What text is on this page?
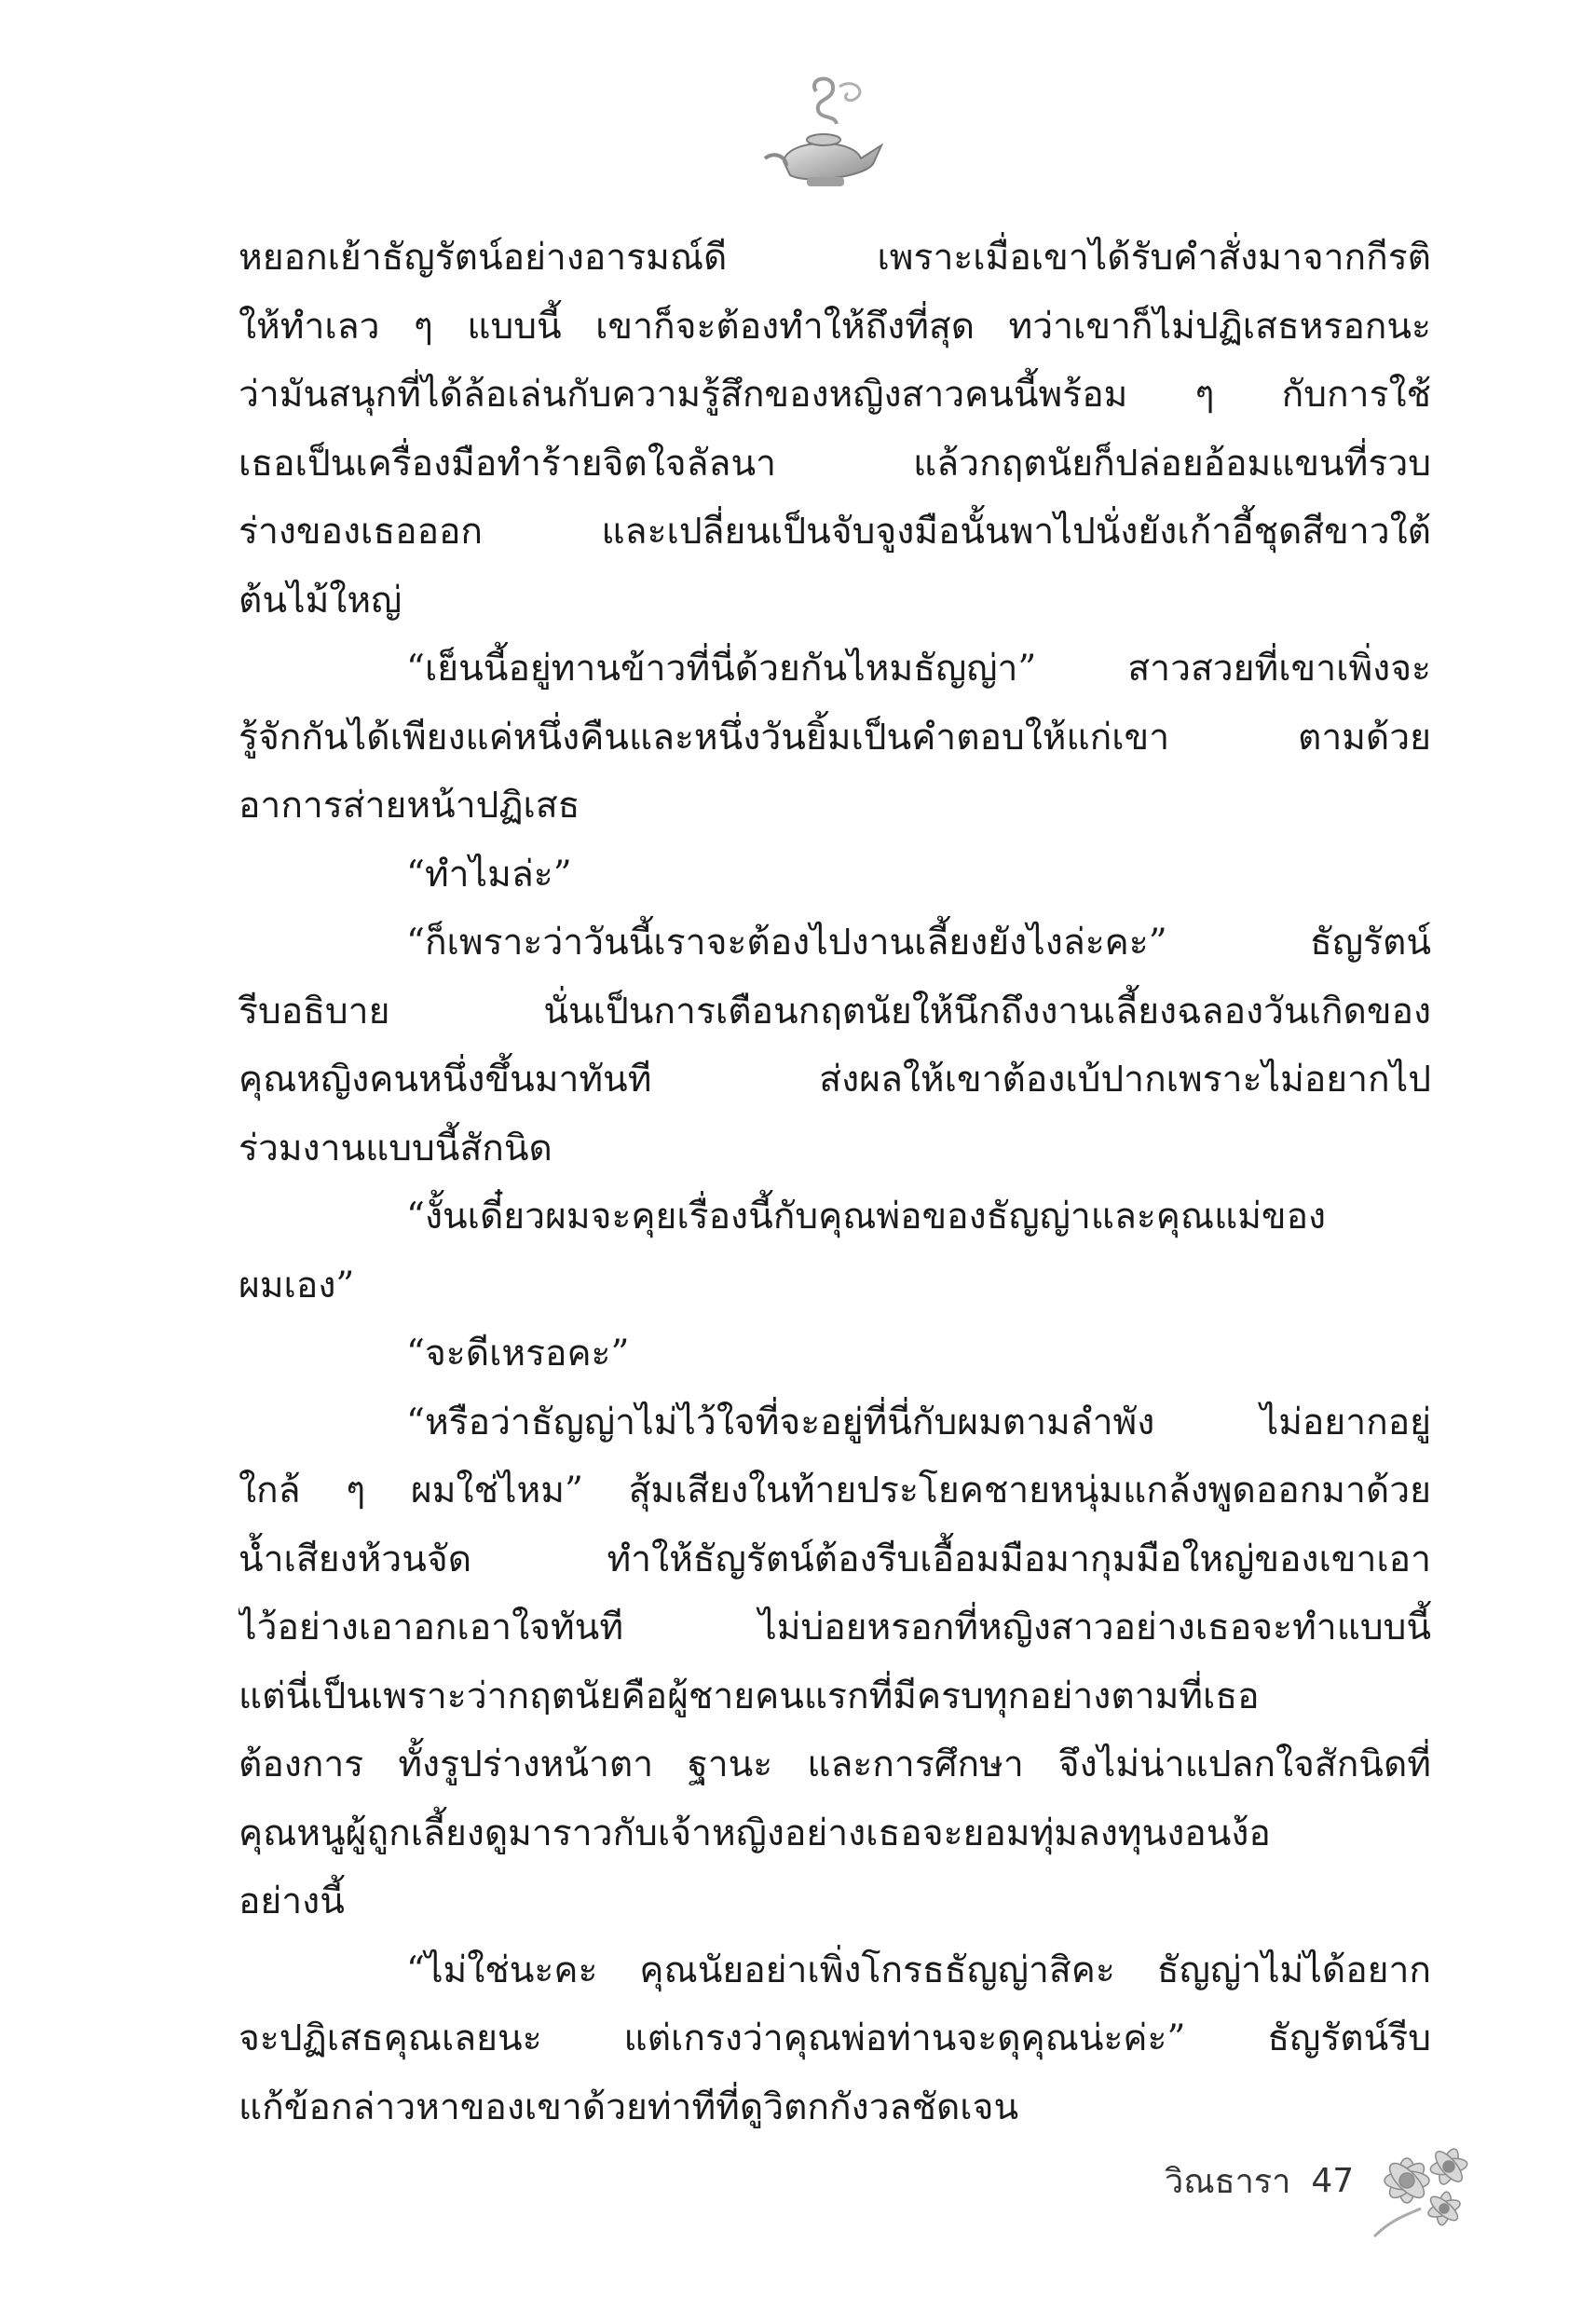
หยอกเย้าธัญรัตน์อย่างอารมณ์ดี เพราะเมื่อเขาได้รับคำสั่งมาจากกีรติ
ให้ทำเลว ๆ แบบนี้ เขาก็จะต้องทำให้ถึงที่สุด ทว่าเขาก็ไม่ปฏิเสธหรอกนะ
ว่ามันสนุกที่ได้ล้อเล่นกับความรู้สึกของหญิงสาวคนนี้พร้อม ๆ กับการใช้
เธอเป็นเครื่องมือทำร้ายจิตใจลัลนา แล้วกฤตนัยก็ปล่อยอ้อมแขนที่รวบ
ร่างของเธอออก และเปลี่ยนเป็นจับจูงมือนั้นพาไปนั่งยังเก้าอี้ชุดสีขาวใต้
ต้นไม้ใหญ่
“เย็นนี้อยู่ทานข้าวที่นี่ด้วยกันไหมธัญญ่า” สาวสวยที่เขาเพิ่งจะ
รู้จักกันได้เพียงแค่หนึ่งคืนและหนึ่งวันยิ้มเป็นคำตอบให้แก่เขา ตามด้วย
อาการส่ายหน้าปฏิเสธ
“ทำไมล่ะ”
“ก็เพราะว่าวันนี้เราจะต้องไปงานเลี้ยงยังไงล่ะคะ” ธัญรัตน์
รีบอธิบาย นั่นเป็นการเตือนกฤตนัยให้นึกถึงงานเลี้ยงฉลองวันเกิดของ
คุณหญิงคนหนึ่งขึ้นมาทันที ส่งผลให้เขาต้องเบ้ปากเพราะไม่อยากไป
ร่วมงานแบบนี้สักนิด
“งั้นเดี๋ยวผมจะคุยเรื่องนี้กับคุณพ่อของธัญญ่าและคุณแม่ของ
ผมเอง”
“จะดีเหรอคะ”
“หรือว่าธัญญ่าไม่ไว้ใจที่จะอยู่ที่นี่กับผมตามลำพัง ไม่อยากอยู่
ใกล้ ๆ ผมใช่ไหม” สุ้มเสียงในท้ายประโยคชายหนุ่มแกล้งพูดออกมาด้วย
น้ำเสียงห้วนจัด ทำให้ธัญรัตน์ต้องรีบเอื้อมมือมากุมมือใหญ่ของเขาเอา
ไว้อย่างเอาอกเอาใจทันที ไม่บ่อยหรอกที่หญิงสาวอย่างเธอจะทำแบบนี้
แต่นี่เป็นเพราะว่ากฤตนัยคือผู้ชายคนแรกที่มีครบทุกอย่างตามที่เธอ
ต้องการ ทั้งรูปร่างหน้าตา ฐานะ และการศึกษา จึงไม่น่าแปลกใจสักนิดที่
คุณหนูผู้ถูกเลี้ยงดูมาราวกับเจ้าหญิงอย่างเธอจะยอมทุ่มลงทุนงอนง้อ
อย่างนี้
“ไม่ใช่นะคะ คุณนัยอย่าเพิ่งโกรธธัญญ่าสิคะ ธัญญ่าไม่ได้อยาก
จะปฏิเสธคุณเลยนะ แต่เกรงว่าคุณพ่อท่านจะดุคุณน่ะค่ะ” ธัญรัตน์รีบ
แก้ข้อกล่าวหาของเขาด้วยท่าทีที่ดูวิตกกังวลชัดเจน
วิณธารา 47
